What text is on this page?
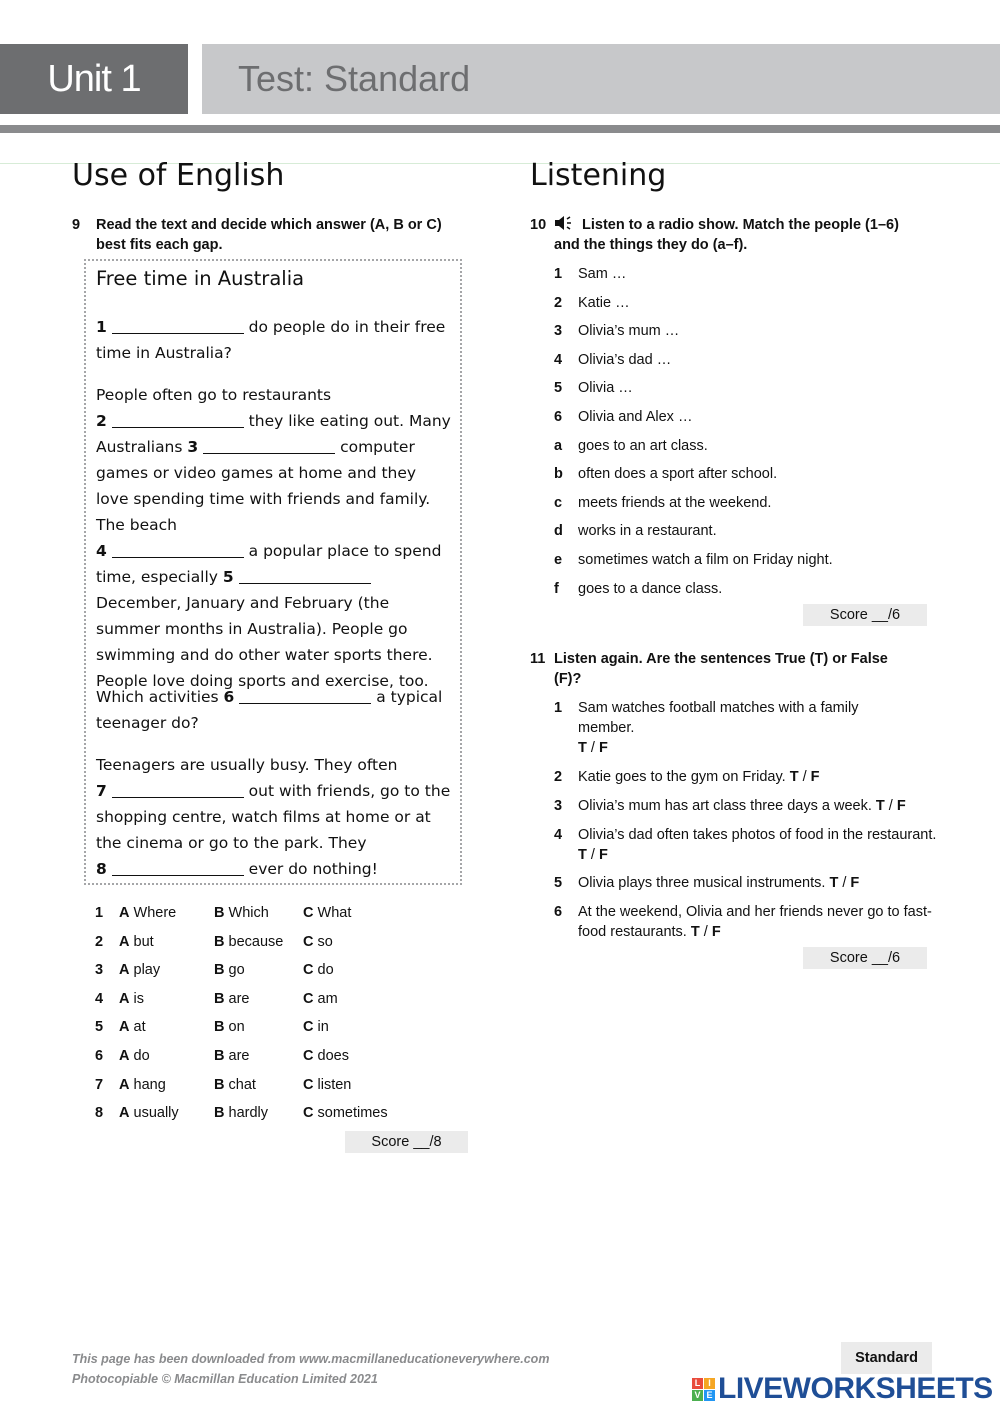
Unit 1	Test: Standard
Use of English
9 Read the text and decide which answer (A, B or C) best fits each gap.
Free time in Australia

1	do people do in their free time in Australia?

People often go to restaurants
2	they like eating out. Many Australians 3	computer games or video games at home and they love spending time with friends and family. The beach
4	a popular place to spend time, especially 5  December, January and February (the summer months in Australia). People go swimming and do other water sports there. People love doing sports and exercise, too.

Which activities 6	a typical teenager do?

Teenagers are usually busy. They often
7	out with friends, go to the shopping centre, watch films at home or at the cinema or go to the park. They
8	ever do nothing!

1 A Where	B Which C What
2 A but	B because C so
3 A play	B go	C do
4 A is	B are	C am
5 A at	B on	C in
6 A do	B are	C does
7 A hang	B chat	C listen
8 A usually B hardly C sometimes
Score __/8
Listening
10	Listen to a radio show. Match the people (1–6) and the things they do (a–f).
1 Sam …
2 Katie …
3 Olivia’s mum …
4 Olivia’s dad …
5 Olivia …
6 Olivia and Alex …
a goes to an art class.
b often does a sport after school.
c meets friends at the weekend.
d works in a restaurant.
e sometimes watch a film on Friday night.
f goes to a dance class.
Score __/6
11 Listen again. Are the sentences True (T) or False (F)?
1 Sam watches football matches with a family member.
T / F
2 Katie goes to the gym on Friday. T / F
3 Olivia’s mum has art class three days a week. T / F
4 Olivia’s dad often takes photos of food in the restaurant. T / F
5 Olivia plays three musical instruments. T / F
6 At the weekend, Olivia and her friends never go to fast-food restaurants. T / F
Score __/6
This page has been downloaded from www.macmillaneducationeverywhere.com
Photocopiable © Macmillan Education Limited 2021
Standard
L I
V E LIVEWORKSHEETS
